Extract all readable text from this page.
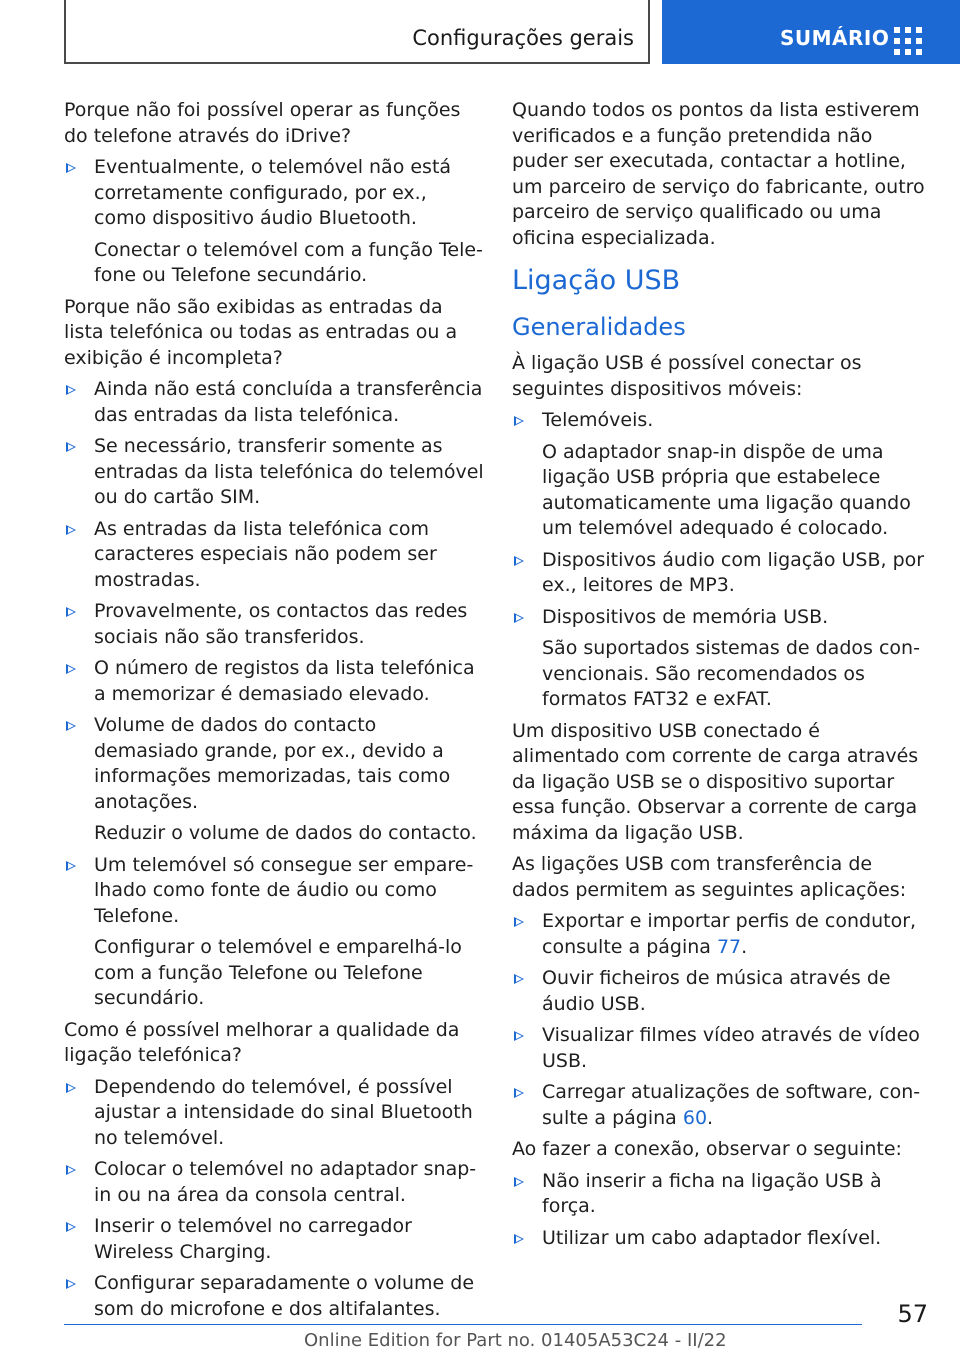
Configurações gerais	SUMÁRIO
Porque não foi possível operar as funções do telefone através do iDrive?
Eventualmente, o telemóvel não está corretamente configurado, por ex., como dispositivo áudio Bluetooth.
Conectar o telemóvel com a função Telefone ou Telefone secundário.
Porque não são exibidas as entradas da lista telefónica ou todas as entradas ou a exibição é incompleta?
Ainda não está concluída a transferência das entradas da lista telefónica.
Se necessário, transferir somente as entradas da lista telefónica do telemóvel ou do cartão SIM.
As entradas da lista telefónica com caracteres especiais não podem ser mostradas.
Provavelmente, os contactos das redes sociais não são transferidos.
O número de registos da lista telefónica a memorizar é demasiado elevado.
Volume de dados do contacto demasiado grande, por ex., devido a informações memorizadas, tais como anotações.
Reduzir o volume de dados do contacto.
Um telemóvel só consegue ser emparelhado como fonte de áudio ou como Telefone.
Configurar o telemóvel e emparelhá-lo com a função Telefone ou Telefone secundário.
Como é possível melhorar a qualidade da ligação telefónica?
Dependendo do telemóvel, é possível ajustar a intensidade do sinal Bluetooth no telemóvel.
Colocar o telemóvel no adaptador snap-in ou na área da consola central.
Inserir o telemóvel no carregador Wireless Charging.
Configurar separadamente o volume de som do microfone e dos altifalantes.
Quando todos os pontos da lista estiverem verificados e a função pretendida não puder ser executada, contactar a hotline, um parceiro de serviço do fabricante, outro parceiro de serviço qualificado ou uma oficina especializada.
Ligação USB
Generalidades
À ligação USB é possível conectar os seguintes dispositivos móveis:
Telemóveis.
O adaptador snap-in dispõe de uma ligação USB própria que estabelece automaticamente uma ligação quando um telemóvel adequado é colocado.
Dispositivos áudio com ligação USB, por ex., leitores de MP3.
Dispositivos de memória USB.
São suportados sistemas de dados convencionais. São recomendados os formatos FAT32 e exFAT.
Um dispositivo USB conectado é alimentado com corrente de carga através da ligação USB se o dispositivo suportar essa função. Observar a corrente de carga máxima da ligação USB.
As ligações USB com transferência de dados permitem as seguintes aplicações:
Exportar e importar perfis de condutor, consulte a página 77.
Ouvir ficheiros de música através de áudio USB.
Visualizar filmes vídeo através de vídeo USB.
Carregar atualizações de software, consulte a página 60.
Ao fazer a conexão, observar o seguinte:
Não inserir a ficha na ligação USB à força.
Utilizar um cabo adaptador flexível.
57
Online Edition for Part no. 01405A53C24 - II/22
